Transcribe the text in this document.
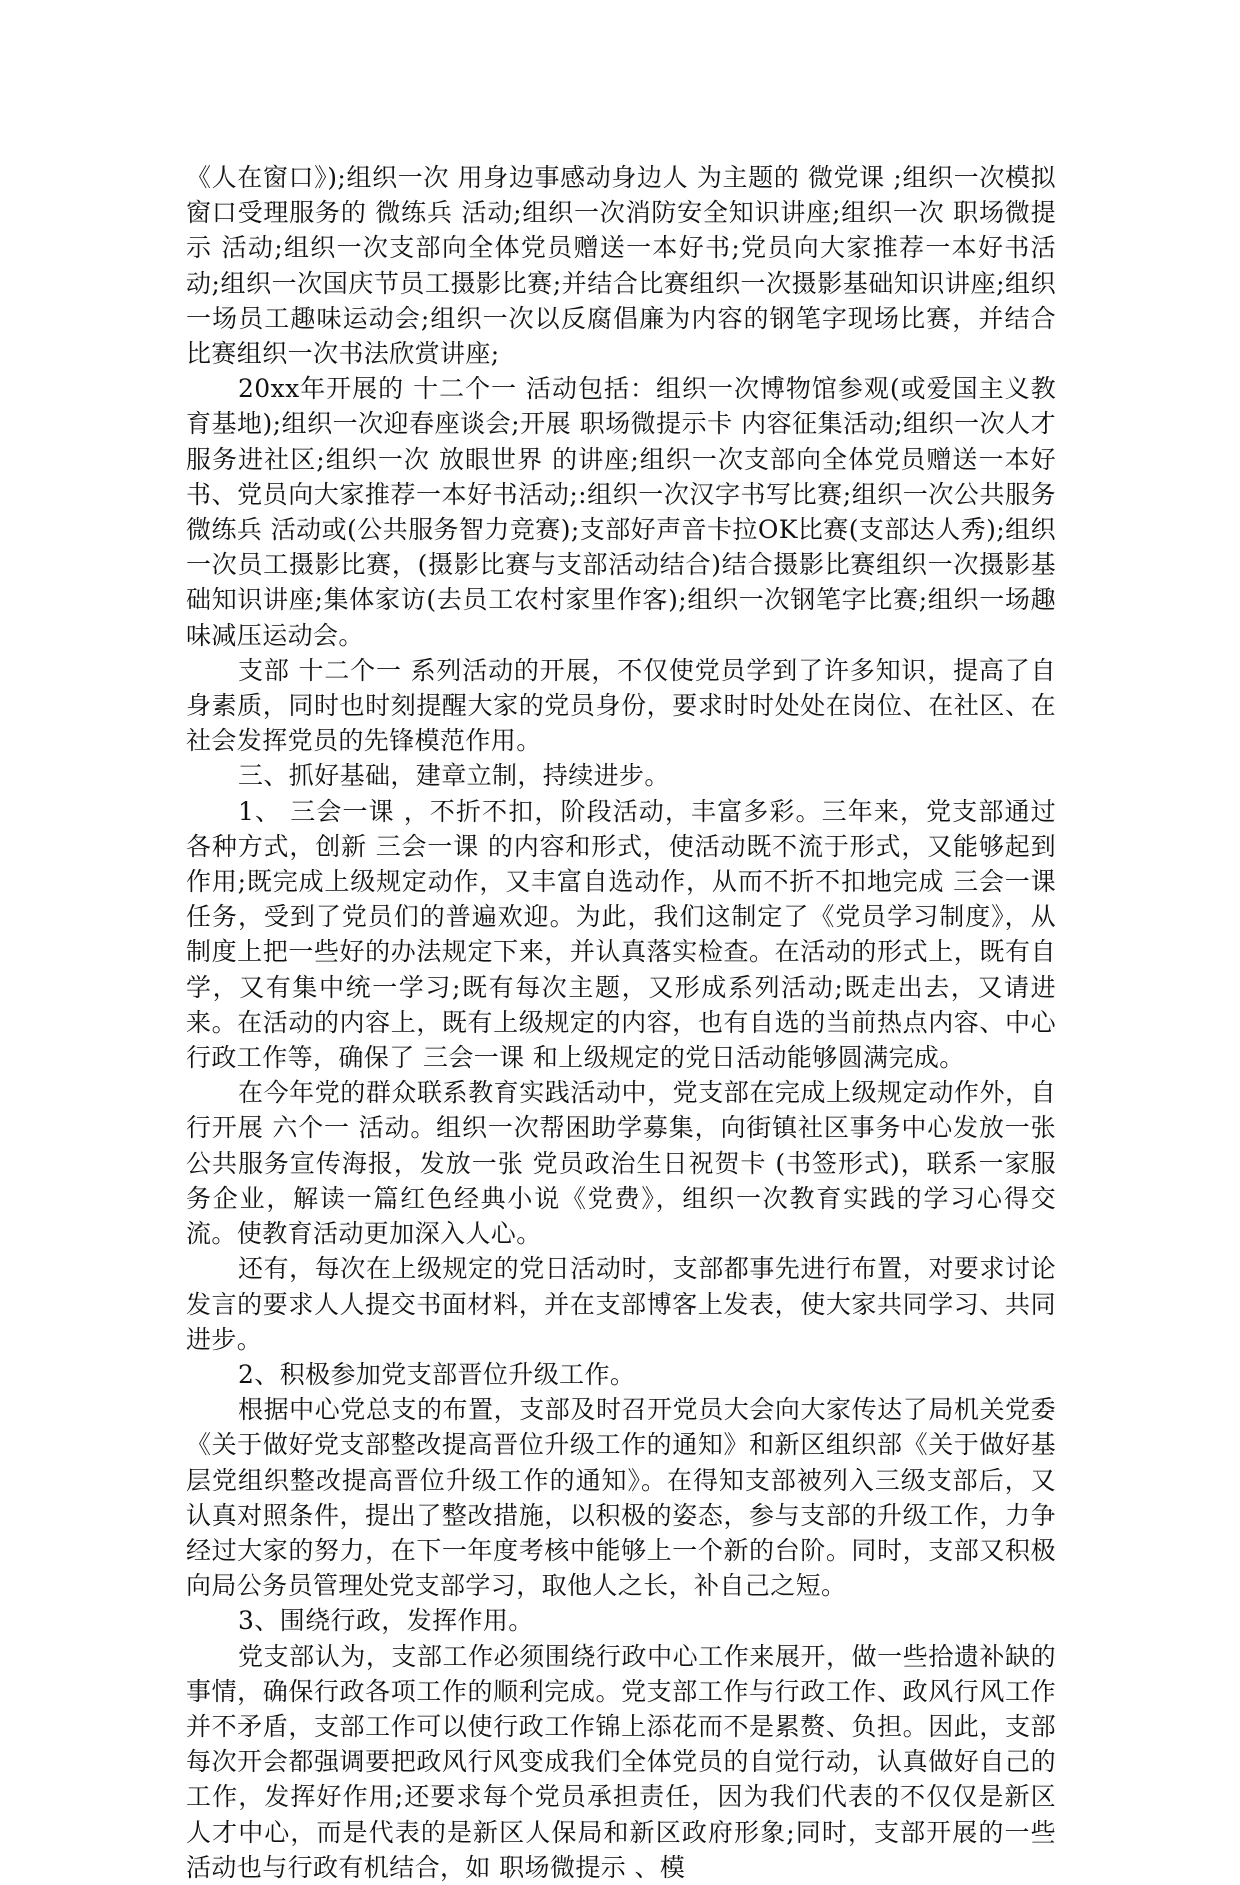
《人在窗口》);组织一次 用身边事感动身边人 为主题的 微党课 ;组织一次模拟窗口受理服务的 微练兵 活动;组织一次消防安全知识讲座;组织一次 职场微提示 活动;组织一次支部向全体党员赠送一本好书;党员向大家推荐一本好书活动;组织一次国庆节员工摄影比赛;并结合比赛组织一次摄影基础知识讲座;组织一场员工趣味运动会;组织一次以反腐倡廉为内容的钢笔字现场比赛，并结合比赛组织一次书法欣赏讲座;

20xx年开展的 十二个一 活动包括：组织一次博物馆参观(或爱国主义教育基地);组织一次迎春座谈会;开展 职场微提示卡 内容征集活动;组织一次人才服务进社区;组织一次 放眼世界 的讲座;组织一次支部向全体党员赠送一本好书、党员向大家推荐一本好书活动;:组织一次汉字书写比赛;组织一次公共服务 微练兵 活动或(公共服务智力竞赛);支部好声音卡拉OK比赛(支部达人秀);组织一次员工摄影比赛，(摄影比赛与支部活动结合)结合摄影比赛组织一次摄影基础知识讲座;集体家访(去员工农村家里作客);组织一次钢笔字比赛;组织一场趣味减压运动会。

支部 十二个一 系列活动的开展，不仅使党员学到了许多知识，提高了自身素质，同时也时刻提醒大家的党员身份，要求时时处处在岗位、在社区、在社会发挥党员的先锋模范作用。

三、抓好基础，建章立制，持续进步。

1、 三会一课 ，不折不扣，阶段活动，丰富多彩。三年来，党支部通过各种方式，创新 三会一课 的内容和形式，使活动既不流于形式，又能够起到作用;既完成上级规定动作，又丰富自选动作，从而不折不扣地完成 三会一课 任务，受到了党员们的普遍欢迎。为此，我们这制定了《党员学习制度》，从制度上把一些好的办法规定下来，并认真落实检查。在活动的形式上，既有自学，又有集中统一学习;既有每次主题，又形成系列活动;既走出去，又请进来。在活动的内容上，既有上级规定的内容，也有自选的当前热点内容、中心行政工作等，确保了 三会一课 和上级规定的党日活动能够圆满完成。

在今年党的群众联系教育实践活动中，党支部在完成上级规定动作外，自行开展 六个一 活动。组织一次帮困助学募集，向街镇社区事务中心发放一张公共服务宣传海报，发放一张 党员政治生日祝贺卡 (书签形式)，联系一家服务企业，解读一篇红色经典小说《党费》，组织一次教育实践的学习心得交流。使教育活动更加深入人心。

还有，每次在上级规定的党日活动时，支部都事先进行布置，对要求讨论发言的要求人人提交书面材料，并在支部博客上发表，使大家共同学习、共同进步。

2、积极参加党支部晋位升级工作。

根据中心党总支的布置，支部及时召开党员大会向大家传达了局机关党委《关于做好党支部整改提高晋位升级工作的通知》和新区组织部《关于做好基层党组织整改提高晋位升级工作的通知》。在得知支部被列入三级支部后，又认真对照条件，提出了整改措施，以积极的姿态，参与支部的升级工作，力争经过大家的努力，在下一年度考核中能够上一个新的台阶。同时，支部又积极向局公务员管理处党支部学习，取他人之长，补自己之短。

3、围绕行政，发挥作用。

党支部认为，支部工作必须围绕行政中心工作来展开，做一些拾遗补缺的事情，确保行政各项工作的顺利完成。党支部工作与行政工作、政风行风工作并不矛盾，支部工作可以使行政工作锦上添花而不是累赘、负担。因此，支部每次开会都强调要把政风行风变成我们全体党员的自觉行动，认真做好自己的工作，发挥好作用;还要求每个党员承担责任，因为我们代表的不仅仅是新区人才中心，而是代表的是新区人保局和新区政府形象;同时，支部开展的一些活动也与行政有机结合，如 职场微提示 、模
